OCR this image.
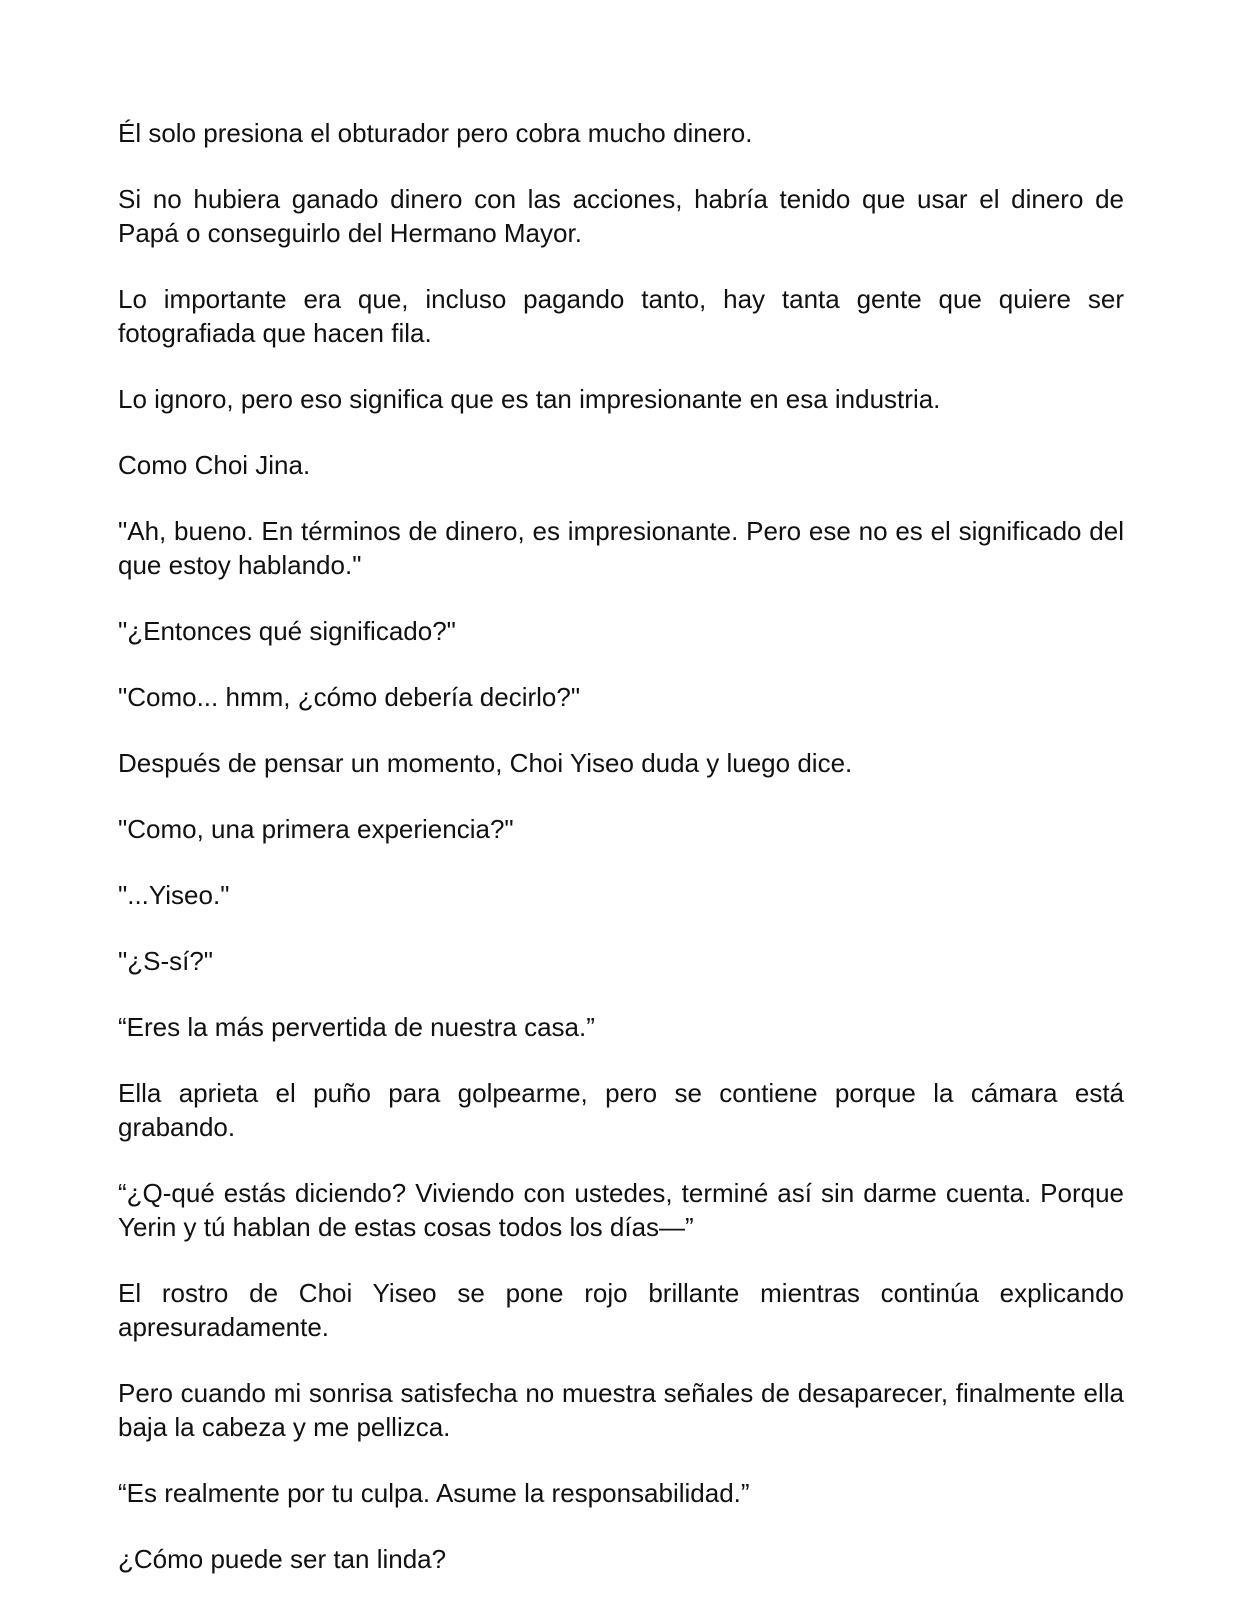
Él solo presiona el obturador pero cobra mucho dinero.

Si no hubiera ganado dinero con las acciones, habría tenido que usar el dinero de Papá o conseguirlo del Hermano Mayor.

Lo importante era que, incluso pagando tanto, hay tanta gente que quiere ser fotografiada que hacen fila.

Lo ignoro, pero eso significa que es tan impresionante en esa industria.

Como Choi Jina.

"Ah, bueno. En términos de dinero, es impresionante. Pero ese no es el significado del que estoy hablando."

"¿Entonces qué significado?"

"Como... hmm, ¿cómo debería decirlo?"

Después de pensar un momento, Choi Yiseo duda y luego dice.

"Como, una primera experiencia?"

"...Yiseo."

"¿S-sí?"

“Eres la más pervertida de nuestra casa.”

Ella aprieta el puño para golpearme, pero se contiene porque la cámara está grabando.

“¿Q-qué estás diciendo? Viviendo con ustedes, terminé así sin darme cuenta. Porque Yerin y tú hablan de estas cosas todos los días—”

El rostro de Choi Yiseo se pone rojo brillante mientras continúa explicando apresuradamente.

Pero cuando mi sonrisa satisfecha no muestra señales de desaparecer, finalmente ella baja la cabeza y me pellizca.

“Es realmente por tu culpa. Asume la responsabilidad.”

¿Cómo puede ser tan linda?
